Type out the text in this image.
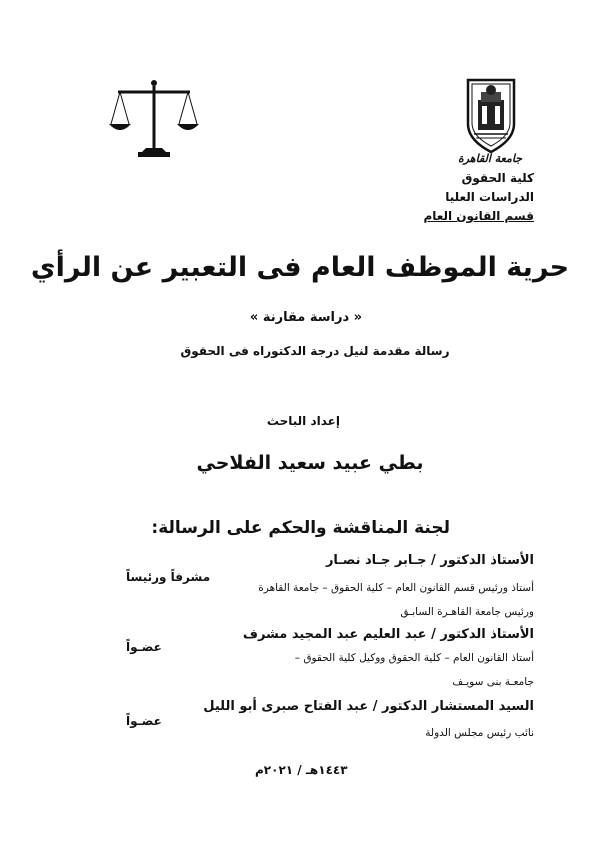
جامعة القاهرة
كلية الحقوق
الدراسات العليا
قسم القانون العام
حرية الموظف العام فى التعبير عن الرأي
« دراسة مقارنة »
رسالة مقدمة لنيل درجة الدكتوراه فى الحقوق
إعداد الباحث
بطي عبيد سعيد الفلاحي
لجنة المناقشة والحكم على الرسالة:
الأستاذ الدكتور / جـابر جـاد نصـار
أستاذ ورئيس قسم القانون العام – كلية الحقوق – جامعة القاهرة
ورئيس جامعة القاهـرة السابـق
مشرفاً ورئيساً
الأستاذ الدكتور / عبد العليم عبد المجيد مشرف
أستاذ القانون العام – كلية الحقوق ووكيل كلية الحقوق –
جامعـة بنى سويـف
عضـواً
السيد المستشار الدكتور / عبد الفتاح صبرى أبو الليل
نائب رئيس مجلس الدولة
عضـواً
١٤٤٣هـ / ٢٠٢١م
